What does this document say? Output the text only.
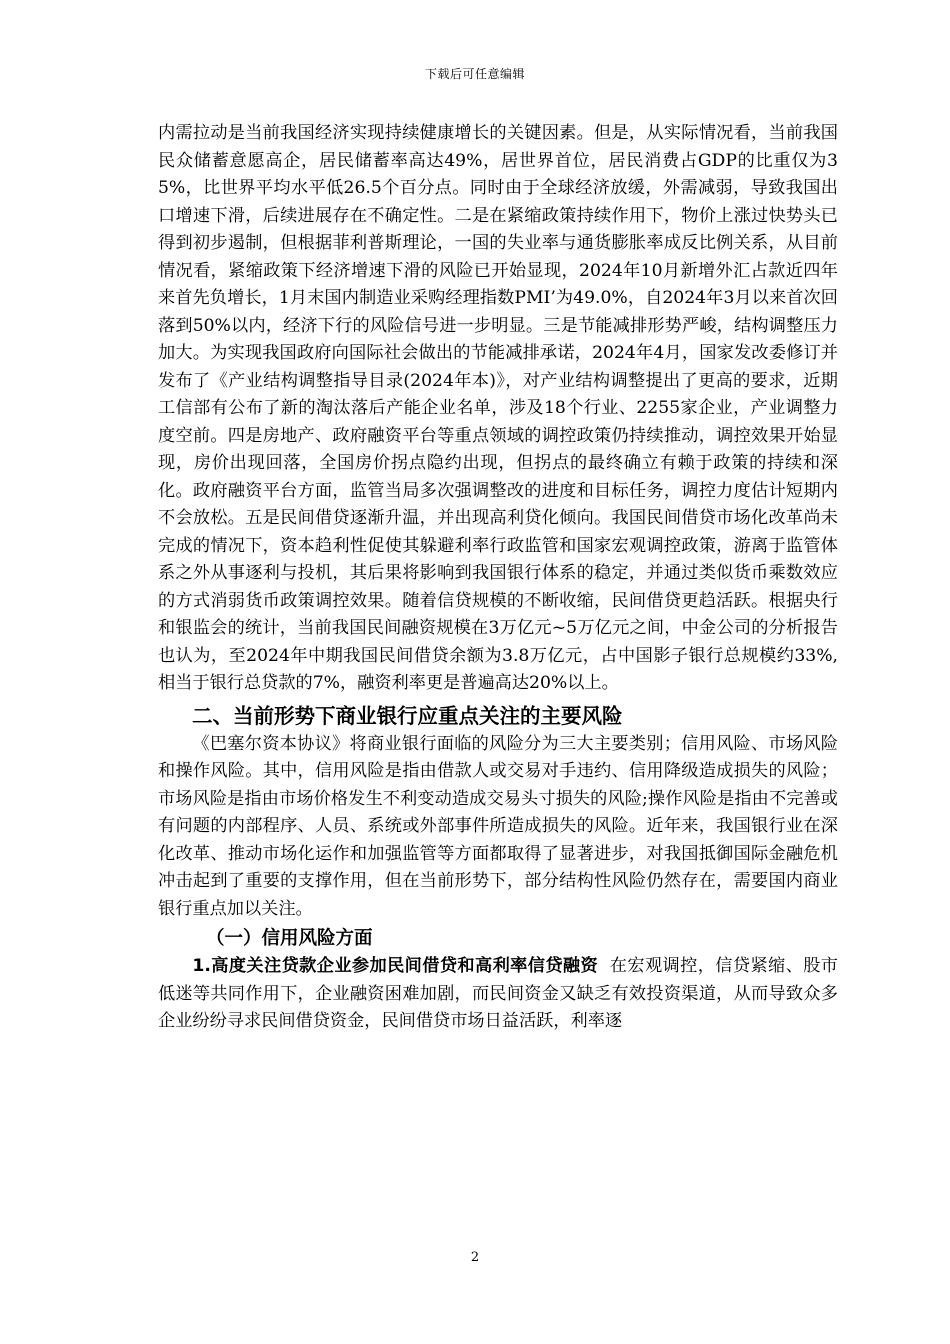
下载后可任意编辑

内需拉动是当前我国经济实现持续健康增长的关键因素。但是，从实际情况看，当前我国民众储蓄意愿高企，居民储蓄率高达49%，居世界首位，居民消费占GDP的比重仅为35%，比世界平均水平低26.5个百分点。同时由于全球经济放缓，外需减弱，导致我国出口增速下滑，后续进展存在不确定性。二是在紧缩政策持续作用下，物价上涨过快势头已得到初步遏制，但根据菲利普斯理论，一国的失业率与通货膨胀率成反比例关系，从目前情况看，紧缩政策下经济增速下滑的风险已开始显现，2024年10月新增外汇占款近四年来首先负增长，1月末国内制造业采购经理指数PMI’为49.0%，自2024年3月以来首次回落到50%以内，经济下行的风险信号进一步明显。三是节能减排形势严峻，结构调整压力加大。为实现我国政府向国际社会做出的节能减排承诺，2024年4月，国家发改委修订并发布了《产业结构调整指导目录(2024年本)》，对产业结构调整提出了更高的要求，近期工信部有公布了新的淘汰落后产能企业名单，涉及18个行业、2255家企业，产业调整力度空前。四是房地产、政府融资平台等重点领域的调控政策仍持续推动，调控效果开始显现，房价出现回落，全国房价拐点隐约出现，但拐点的最终确立有赖于政策的持续和深化。政府融资平台方面，监管当局多次强调整改的进度和目标任务，调控力度估计短期内不会放松。五是民间借贷逐渐升温，并出现高利贷化倾向。我国民间借贷市场化改革尚未完成的情况下，资本趋利性促使其躲避利率行政监管和国家宏观调控政策，游离于监管体系之外从事逐利与投机，其后果将影响到我国银行体系的稳定，并通过类似货币乘数效应的方式消弱货币政策调控效果。随着信贷规模的不断收缩，民间借贷更趋活跃。根据央行和银监会的统计，当前我国民间融资规模在3万亿元~5万亿元之间，中金公司的分析报告也认为，至2024年中期我国民间借贷余额为3.8万亿元，占中国影子银行总规模约33%,相当于银行总贷款的7%，融资利率更是普遍高达20%以上。

二、当前形势下商业银行应重点关注的主要风险

《巴塞尔资本协议》将商业银行面临的风险分为三大主要类别；信用风险、市场风险和操作风险。其中，信用风险是指由借款人或交易对手违约、信用降级造成损失的风险；市场风险是指由市场价格发生不利变动造成交易头寸损失的风险;操作风险是指由不完善或有问题的内部程序、人员、系统或外部事件所造成损失的风险。近年来，我国银行业在深化改革、推动市场化运作和加强监管等方面都取得了显著进步，对我国抵御国际金融危机冲击起到了重要的支撑作用，但在当前形势下，部分结构性风险仍然存在，需要国内商业银行重点加以关注。

（一）信用风险方面

1.高度关注贷款企业参加民间借贷和高利率信贷融资 在宏观调控，信贷紧缩、股市低迷等共同作用下，企业融资困难加剧，而民间资金又缺乏有效投资渠道，从而导致众多企业纷纷寻求民间借贷资金，民间借贷市场日益活跃，利率逐

2
